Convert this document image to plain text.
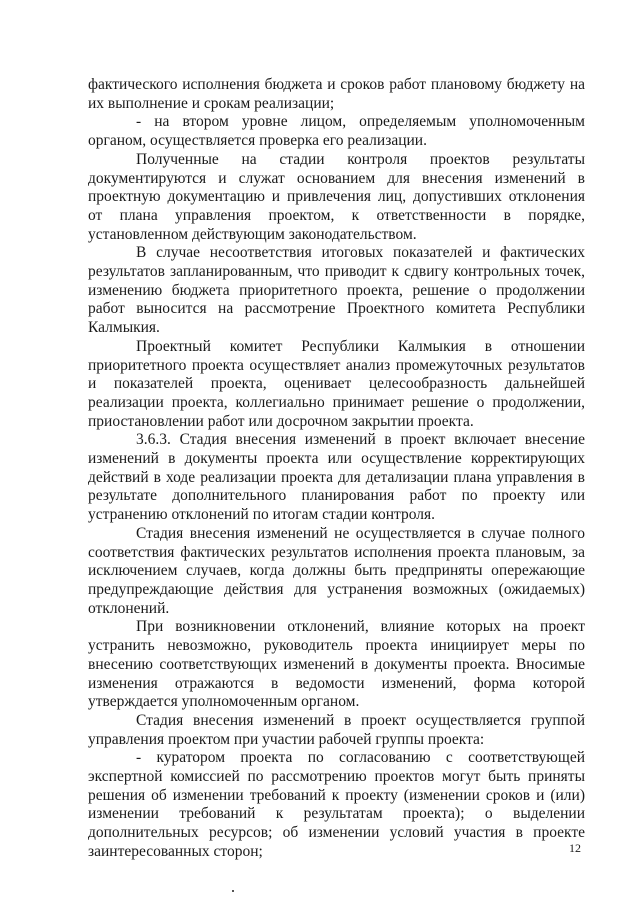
фактического исполнения бюджета и сроков работ плановому бюджету на их выполнение и срокам реализации;

- на втором уровне лицом, определяемым уполномоченным органом, осуществляется проверка его реализации.

Полученные на стадии контроля проектов результаты документируются и служат основанием для внесения изменений в проектную документацию и привлечения лиц, допустивших отклонения от плана управления проектом, к ответственности в порядке, установленном действующим законодательством.

В случае несоответствия итоговых показателей и фактических результатов запланированным, что приводит к сдвигу контрольных точек, изменению бюджета приоритетного проекта, решение о продолжении работ выносится на рассмотрение Проектного комитета Республики Калмыкия.

Проектный комитет Республики Калмыкия в отношении приоритетного проекта осуществляет анализ промежуточных результатов и показателей проекта, оценивает целесообразность дальнейшей реализации проекта, коллегиально принимает решение о продолжении, приостановлении работ или досрочном закрытии проекта.

3.6.3. Стадия внесения изменений в проект включает внесение изменений в документы проекта или осуществление корректирующих действий в ходе реализации проекта для детализации плана управления в результате дополнительного планирования работ по проекту или устранению отклонений по итогам стадии контроля.

Стадия внесения изменений не осуществляется в случае полного соответствия фактических результатов исполнения проекта плановым, за исключением случаев, когда должны быть предприняты опережающие предупреждающие действия для устранения возможных (ожидаемых) отклонений.

При возникновении отклонений, влияние которых на проект устранить невозможно, руководитель проекта инициирует меры по внесению соответствующих изменений в документы проекта. Вносимые изменения отражаются в ведомости изменений, форма которой утверждается уполномоченным органом.

Стадия внесения изменений в проект осуществляется группой управления проектом при участии рабочей группы проекта:

- куратором проекта по согласованию с соответствующей экспертной комиссией по рассмотрению проектов могут быть приняты решения об изменении требований к проекту (изменении сроков и (или) изменении требований к результатам проекта); о выделении дополнительных ресурсов; об изменении условий участия в проекте заинтересованных сторон;	12
